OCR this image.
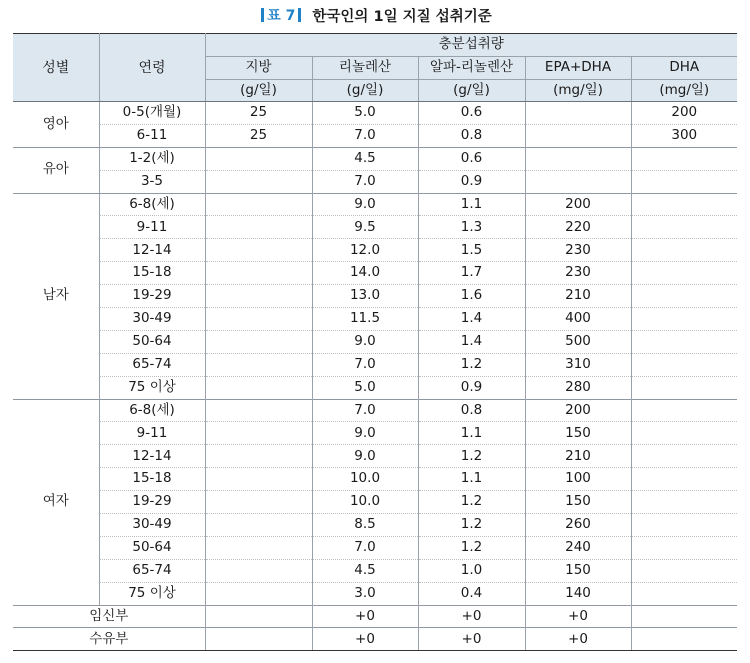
표 7 한국인의 1일 지질 섭취기준
성별	연령	충분섭취량				
		지방	리놀레산	알파-리놀렌산	EPA+DHA	DHA
		(g/일)	(g/일)	(g/일)	(mg/일)	(mg/일)
영아	0-5(개월)	25	5.0	0.6		200
	6-11	25	7.0	0.8		300
유아	1-2(세)		4.5	0.6		
	3-5		7.0	0.9		
남자	6-8(세)		9.0	1.1	200	
	9-11		9.5	1.3	220	
	12-14		12.0	1.5	230	
	15-18		14.0	1.7	230	
	19-29		13.0	1.6	210	
	30-49		11.5	1.4	400	
	50-64		9.0	1.4	500	
	65-74		7.0	1.2	310	
	75 이상		5.0	0.9	280	
여자	6-8(세)		7.0	0.8	200	
	9-11		9.0	1.1	150	
	12-14		9.0	1.2	210	
	15-18		10.0	1.1	100	
	19-29		10.0	1.2	150	
	30-49		8.5	1.2	260	
	50-64		7.0	1.2	240	
	65-74		4.5	1.0	150	
	75 이상		3.0	0.4	140	
임신부			+0	+0	+0	
수유부			+0	+0	+0	
